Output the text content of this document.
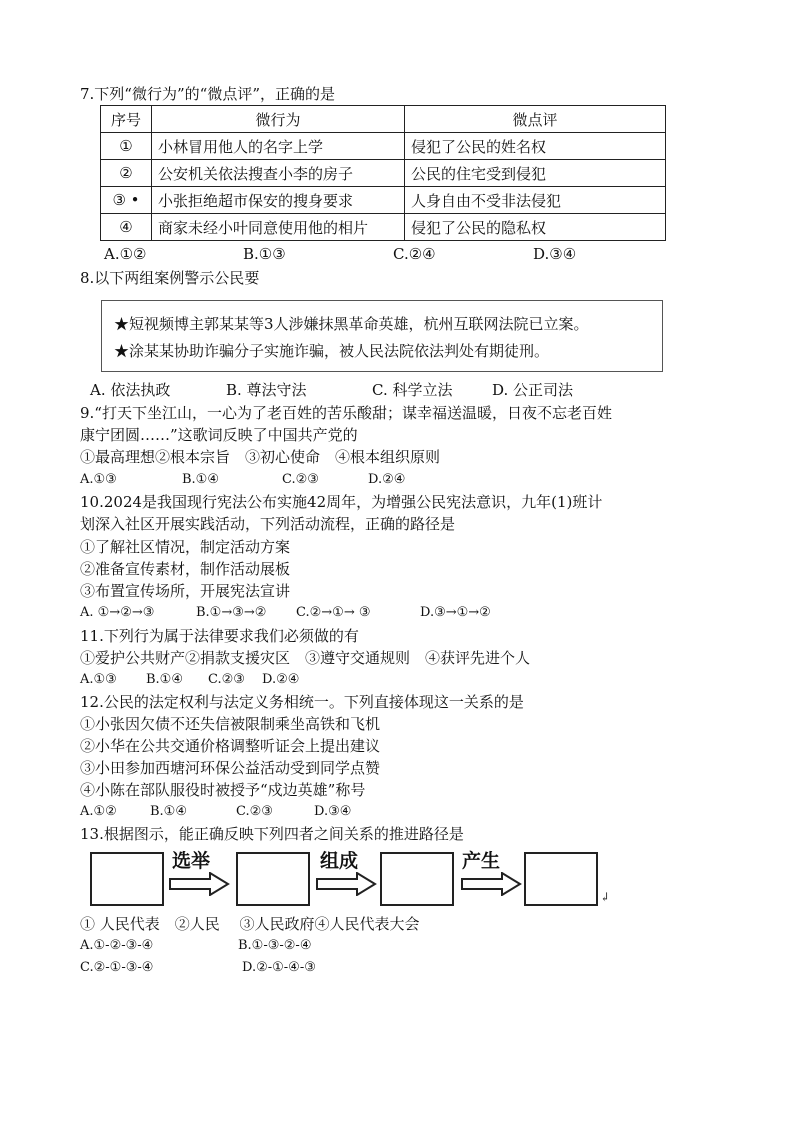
7.下列“微行为”的“微点评”，正确的是
序号	微行为	微点评
①	小林冒用他人的名字上学	侵犯了公民的姓名权
②	公安机关依法搜查小李的房子	公民的住宅受到侵犯
③ •	小张拒绝超市保安的搜身要求	人身自由不受非法侵犯
④	商家未经小叶同意使用他的相片	侵犯了公民的隐私权
A.①②	B.①③	C.②④	D.③④
8.以下两组案例警示公民要
★短视频博主郭某某等3人涉嫌抹黑革命英雄，杭州互联网法院已立案。
★涂某某协助诈骗分子实施诈骗，被人民法院依法判处有期徒刑。
A. 依法执政	B. 尊法守法	C. 科学立法	D. 公正司法
9.“打天下坐江山，一心为了老百姓的苦乐酸甜；谋幸福送温暖，日夜不忘老百姓
康宁团圆……”这歌词反映了中国共产党的
①最高理想②根本宗旨　③初心使命　④根本组织原则
A.①③	B.①④	C.②③	D.②④
10.2024是我国现行宪法公布实施42周年，为增强公民宪法意识，九年(1)班计
划深入社区开展实践活动，下列活动流程，正确的路径是
①了解社区情况，制定活动方案
②准备宣传素材，制作活动展板
③布置宣传场所，开展宪法宣讲
A. ①→②→③	B.①→③→② C.②→①→ ③	D.③→①→②
11.下列行为属于法律要求我们必须做的有
①爱护公共财产②捐款支援灾区　③遵守交通规则　④获评先进个人
A.①③ B.①④ C.②③ D.②④
12.公民的法定权利与法定义务相统一。下列直接体现这一关系的是
①小张因欠债不还失信被限制乘坐高铁和飞机
②小华在公共交通价格调整听证会上提出建议
③小田参加西塘河环保公益活动受到同学点赞
④小陈在部队服役时被授予“戍边英雄”称号
A.①②	B.①④	C.②③	D.③④
13.根据图示，能正确反映下列四者之间关系的推进路径是
选举	组成	产生
↲
① 人民代表　②人民　 ③人民政府④人民代表大会
A.①-②-③-④	B.①-③-②-④
C.②-①-③-④	D.②-①-④-③
